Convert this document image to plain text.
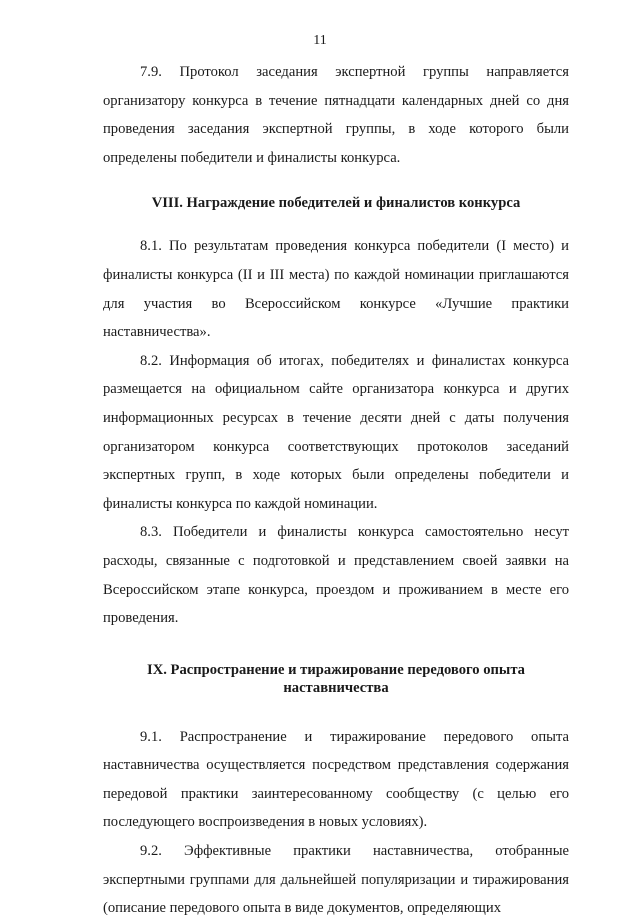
11

7.9. Протокол заседания экспертной группы направляется организатору конкурса в течение пятнадцати календарных дней со дня проведения заседания экспертной группы, в ходе которого были определены победители и финалисты конкурса.

VIII. Награждение победителей и финалистов конкурса

8.1. По результатам проведения конкурса победители (I место) и финалисты конкурса (II и III места) по каждой номинации приглашаются для участия во Всероссийском конкурсе «Лучшие практики наставничества».

8.2. Информация об итогах, победителях и финалистах конкурса размещается на официальном сайте организатора конкурса и других информационных ресурсах в течение десяти дней с даты получения организатором конкурса соответствующих протоколов заседаний экспертных групп, в ходе которых были определены победители и финалисты конкурса по каждой номинации.

8.3. Победители и финалисты конкурса самостоятельно несут расходы, связанные с подготовкой и представлением своей заявки на Всероссийском этапе конкурса, проездом и проживанием в месте его проведения.

IX. Распространение и тиражирование передового опыта наставничества

9.1. Распространение и тиражирование передового опыта наставничества осуществляется посредством представления содержания передовой практики заинтересованному сообществу (с целью его последующего воспроизведения в новых условиях).

9.2. Эффективные практики наставничества, отобранные экспертными группами для дальнейшей популяризации и тиражирования (описание передового опыта в виде документов, определяющих
